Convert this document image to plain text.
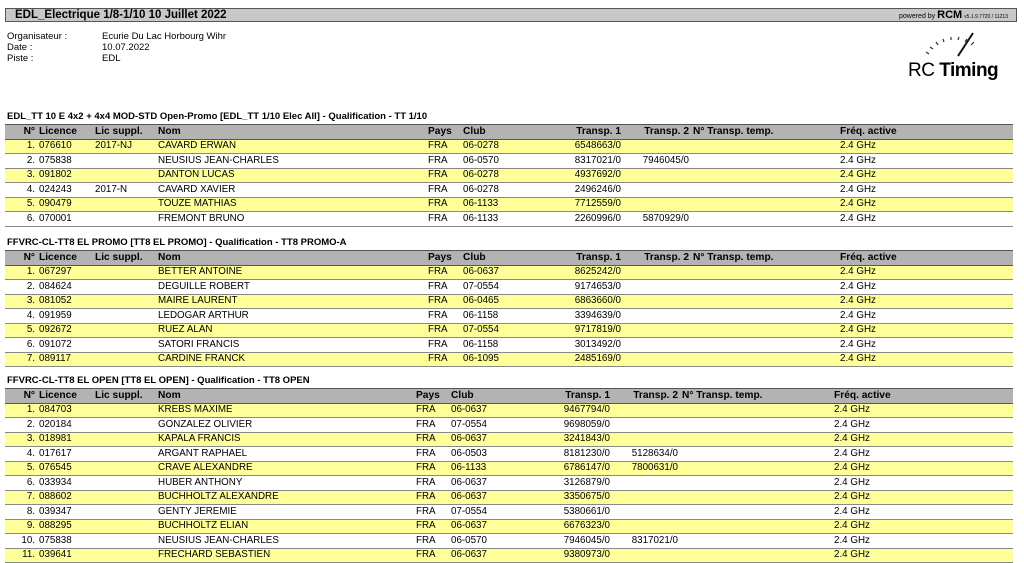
EDL_Electrique 1/8-1/10 10 Juillet 2022	powered by RCM v5.1.9.7720 / 11213
Organisateur :	Ecurie Du Lac Horbourg Wihr
Date :	10.07.2022
Piste :	EDL
RC Timing
EDL_TT 10 E 4x2 + 4x4 MOD-STD Open-Promo [EDL_TT 1/10 Elec All] - Qualification - TT 1/10
N°	Licence	Lic suppl.	Nom	Pays	Club	Transp. 1	Transp. 2	N° Transp. temp.	Fréq. active
1.	076610	2017-NJ	CAVARD ERWAN	FRA	06-0278	6548663/0			2.4 GHz
2.	075838		NEUSIUS JEAN-CHARLES	FRA	06-0570	8317021/0	7946045/0		2.4 GHz
3.	091802		DANTON LUCAS	FRA	06-0278	4937692/0			2.4 GHz
4.	024243	2017-N	CAVARD XAVIER	FRA	06-0278	2496246/0			2.4 GHz
5.	090479		TOUZE MATHIAS	FRA	06-1133	7712559/0			2.4 GHz
6.	070001		FREMONT BRUNO	FRA	06-1133	2260996/0	5870929/0		2.4 GHz
FFVRC-CL-TT8 EL PROMO [TT8 EL PROMO] - Qualification - TT8 PROMO-A
N°	Licence	Lic suppl.	Nom	Pays	Club	Transp. 1	Transp. 2	N° Transp. temp.	Fréq. active
1.	067297		BETTER ANTOINE	FRA	06-0637	8625242/0			2.4 GHz
2.	084624		DEGUILLE ROBERT	FRA	07-0554	9174653/0			2.4 GHz
3.	081052		MAIRE LAURENT	FRA	06-0465	6863660/0			2.4 GHz
4.	091959		LEDOGAR ARTHUR	FRA	06-1158	3394639/0			2.4 GHz
5.	092672		RUEZ ALAN	FRA	07-0554	9717819/0			2.4 GHz
6.	091072		SATORI FRANCIS	FRA	06-1158	3013492/0			2.4 GHz
7.	089117		CARDINE FRANCK	FRA	06-1095	2485169/0			2.4 GHz
FFVRC-CL-TT8 EL OPEN [TT8 EL OPEN] - Qualification - TT8 OPEN
N°	Licence	Lic suppl.	Nom	Pays	Club	Transp. 1	Transp. 2	N° Transp. temp.	Fréq. active
1.	084703		KREBS MAXIME	FRA	06-0637	9467794/0			2.4 GHz
2.	020184		GONZALEZ OLIVIER	FRA	07-0554	9698059/0			2.4 GHz
3.	018981		KAPALA FRANCIS	FRA	06-0637	3241843/0			2.4 GHz
4.	017617		ARGANT RAPHAEL	FRA	06-0503	8181230/0	5128634/0		2.4 GHz
5.	076545		CRAVE ALEXANDRE	FRA	06-1133	6786147/0	7800631/0		2.4 GHz
6.	033934		HUBER ANTHONY	FRA	06-0637	3126879/0			2.4 GHz
7.	088602		BUCHHOLTZ ALEXANDRE	FRA	06-0637	3350675/0			2.4 GHz
8.	039347		GENTY JEREMIE	FRA	07-0554	5380661/0			2.4 GHz
9.	088295		BUCHHOLTZ ELIAN	FRA	06-0637	6676323/0			2.4 GHz
10.	075838		NEUSIUS JEAN-CHARLES	FRA	06-0570	7946045/0	8317021/0		2.4 GHz
11.	039641		FRECHARD SEBASTIEN	FRA	06-0637	9380973/0			2.4 GHz
